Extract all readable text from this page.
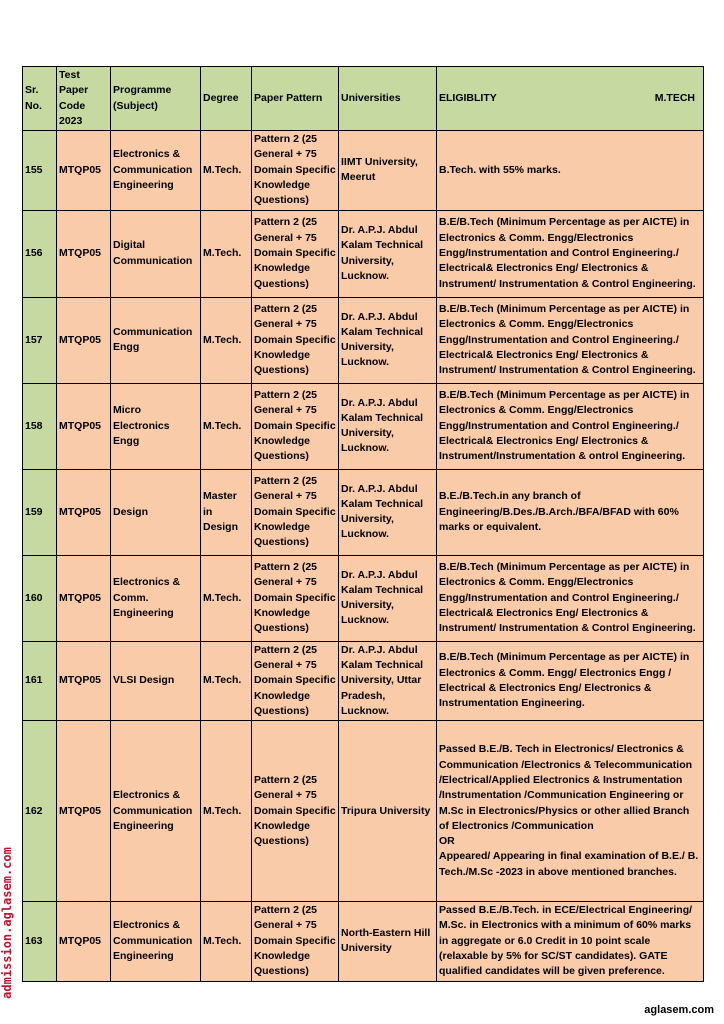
Sr. No.	Test Paper Code 2023	Programme (Subject)	Degree	Paper Pattern	Universities	ELIGIBLITY M.TECH

155	MTQP05	Electronics & Communication Engineering	M.Tech.	Pattern 2 (25 General + 75 Domain Specific Knowledge Questions)	IIMT University, Meerut	B.Tech. with 55% marks.
156	MTQP05	Digital Communication	M.Tech.	Pattern 2 (25 General + 75 Domain Specific Knowledge Questions)	Dr. A.P.J. Abdul Kalam Technical University, Lucknow.	B.E/B.Tech (Minimum Percentage as per AICTE) in Electronics & Comm. Engg/Electronics Engg/Instrumentation and Control Engineering./ Electrical& Electronics Eng/ Electronics & Instrument/ Instrumentation & Control Engineering.
157	MTQP05	Communication Engg	M.Tech.	Pattern 2 (25 General + 75 Domain Specific Knowledge Questions)	Dr. A.P.J. Abdul Kalam Technical University, Lucknow.	B.E/B.Tech (Minimum Percentage as per AICTE) in Electronics & Comm. Engg/Electronics Engg/Instrumentation and Control Engineering./ Electrical& Electronics Eng/ Electronics & Instrument/ Instrumentation & Control Engineering.
158	MTQP05	Micro Electronics Engg	M.Tech.	Pattern 2 (25 General + 75 Domain Specific Knowledge Questions)	Dr. A.P.J. Abdul Kalam Technical University, Lucknow.	B.E/B.Tech (Minimum Percentage as per AICTE) in Electronics & Comm. Engg/Electronics Engg/Instrumentation and Control Engineering./ Electrical& Electronics Eng/ Electronics & Instrument/Instrumentation & ontrol Engineering.
159	MTQP05	Design	Master in Design	Pattern 2 (25 General + 75 Domain Specific Knowledge Questions)	Dr. A.P.J. Abdul Kalam Technical University, Lucknow.	B.E./B.Tech.in any branch of Engineering/B.Des./B.Arch./BFA/BFAD with 60% marks or equivalent.
160	MTQP05	Electronics & Comm. Engineering	M.Tech.	Pattern 2 (25 General + 75 Domain Specific Knowledge Questions)	Dr. A.P.J. Abdul Kalam Technical University, Lucknow.	B.E/B.Tech (Minimum Percentage as per AICTE) in Electronics & Comm. Engg/Electronics Engg/Instrumentation and Control Engineering./ Electrical& Electronics Eng/ Electronics & Instrument/ Instrumentation & Control Engineering.
161	MTQP05	VLSI Design	M.Tech.	Pattern 2 (25 General + 75 Domain Specific Knowledge Questions)	Dr. A.P.J. Abdul Kalam Technical University, Uttar Pradesh, Lucknow.	B.E/B.Tech (Minimum Percentage as per AICTE) in Electronics & Comm. Engg/ Electronics Engg / Electrical & Electronics Eng/ Electronics & Instrumentation Engineering.
162	MTQP05	Electronics & Communication Engineering	M.Tech.	Pattern 2 (25 General + 75 Domain Specific Knowledge Questions)	Tripura University	Passed B.E./B. Tech in Electronics/ Electronics & Communication /Electronics & Telecommunication /Electrical/Applied Electronics & Instrumentation /Instrumentation /Communication Engineering or M.Sc in Electronics/Physics or other allied Branch of Electronics /Communication
OR
Appeared/ Appearing in final examination of B.E./ B. Tech./M.Sc -2023 in above mentioned branches.

163	MTQP05	Electronics & Communication Engineering	M.Tech.	Pattern 2 (25 General + 75 Domain Specific Knowledge Questions)	North-Eastern Hill University	Passed B.E./B.Tech. in ECE/Electrical Engineering/ M.Sc. in Electronics with a minimum of 60% marks in aggregate or 6.0 Credit in 10 point scale (relaxable by 5% for SC/ST candidates). GATE qualified candidates will be given preference.
admission.aglasem.com
aglasem.com
